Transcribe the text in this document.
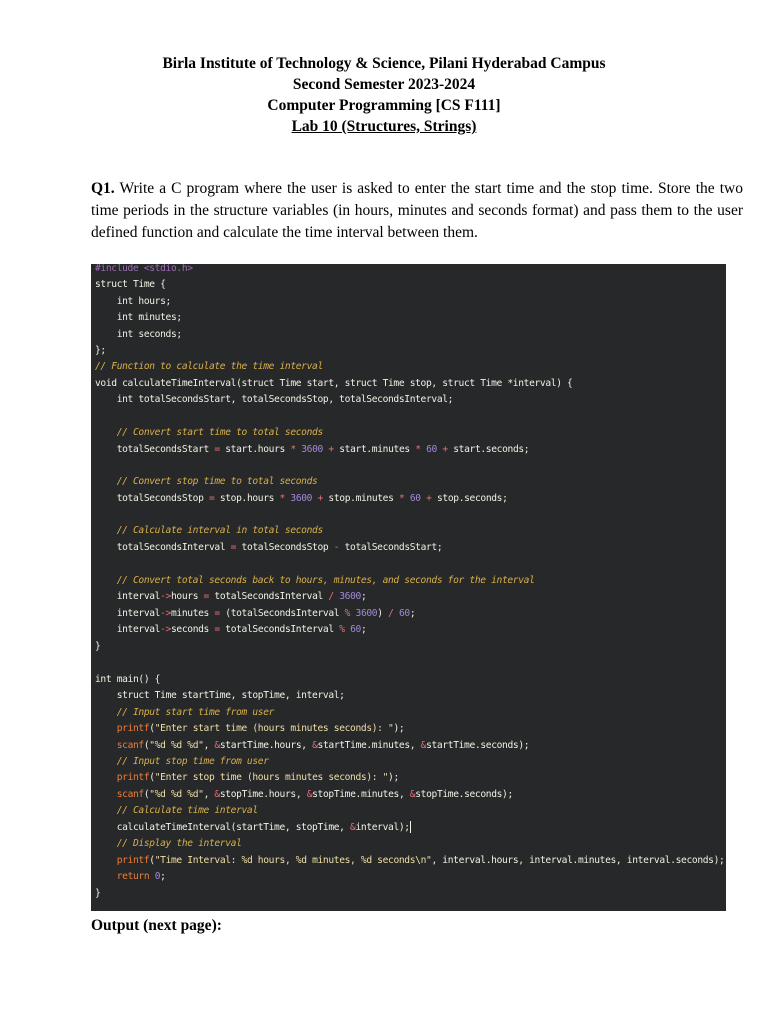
Birla Institute of Technology & Science, Pilani Hyderabad Campus
Second Semester 2023-2024
Computer Programming [CS F111]
Lab 10 (Structures, Strings)
Q1. Write a C program where the user is asked to enter the start time and the stop time. Store the two time periods in the structure variables (in hours, minutes and seconds format) and pass them to the user defined function and calculate the time interval between them.
#include <stdio.h>
struct Time {
int hours;
int minutes;
int seconds;
};
// Function to calculate the time interval
void calculateTimeInterval(struct Time start, struct Time stop, struct Time *interval) {
int totalSecondsStart, totalSecondsStop, totalSecondsInterval;
// Convert start time to total seconds
totalSecondsStart = start.hours * 3600 + start.minutes * 60 + start.seconds;
// Convert stop time to total seconds
totalSecondsStop = stop.hours * 3600 + stop.minutes * 60 + stop.seconds;
// Calculate interval in total seconds
totalSecondsInterval = totalSecondsStop - totalSecondsStart;
// Convert total seconds back to hours, minutes, and seconds for the interval
interval->hours = totalSecondsInterval / 3600;
interval->minutes = (totalSecondsInterval % 3600) / 60;
interval->seconds = totalSecondsInterval % 60;
}
int main() {
struct Time startTime, stopTime, interval;
// Input start time from user
printf("Enter start time (hours minutes seconds): ");
scanf("%d %d %d", &startTime.hours, &startTime.minutes, &startTime.seconds);
// Input stop time from user
printf("Enter stop time (hours minutes seconds): ");
scanf("%d %d %d", &stopTime.hours, &stopTime.minutes, &stopTime.seconds);
// Calculate time interval
calculateTimeInterval(startTime, stopTime, &interval);
// Display the interval
printf("Time Interval: %d hours, %d minutes, %d seconds\n", interval.hours, interval.minutes, interval.seconds);
return 0;
}
Output (next page):
